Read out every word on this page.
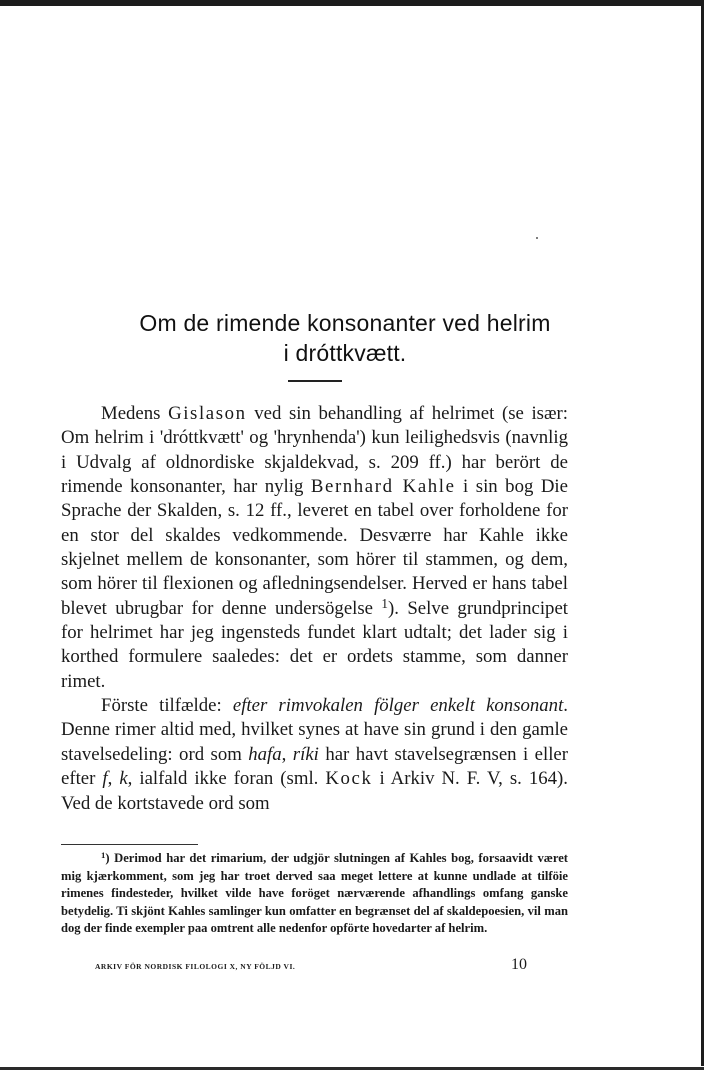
Om de rimende konsonanter ved helrim
i dróttkvætt.

Medens Gislason ved sin behandling af helrimet (se især: Om helrim i 'dróttkvætt' og 'hrynhenda') kun leilighedsvis (navnlig i Udvalg af oldnordiske skjaldekvad, s. 209 ff.) har berört de rimende konsonanter, har nylig Bernhard Kahle i sin bog Die Sprache der Skalden, s. 12 ff., leveret en tabel over forholdene for en stor del skaldes vedkommende. Desværre har Kahle ikke skjelnet mellem de konsonanter, som hörer til stammen, og dem, som hörer til flexionen og afledningsendelser. Herved er hans tabel blevet ubrugbar for denne undersögelse $^1$). Selve grundprincipet for helrimet har jeg ingensteds fundet klart udtalt; det lader sig i korthed formulere saaledes: det er ordets stamme, som danner rimet.

Förste tilfælde: efter rimvokalen fölger enkelt konsonant. Denne rimer altid med, hvilket synes at have sin grund i den gamle stavelsedeling: ord som hafa, ríki har havt stavelsegrænsen i eller efter f, k, ialfald ikke foran (sml. Kock i Arkiv N. F. V, s. 164). Ved de kortstavede ord som

$^1$) Derimod har det rimarium, der udgjör slutningen af Kahles bog, forsaavidt været mig kjærkomment, som jeg har troet derved saa meget lettere at kunne undlade at tilföie rimenes findesteder, hvilket vilde have foröget nærværende afhandlings omfang ganske betydelig. Ti skjönt Kahles samlinger kun omfatter en begrænset del af skaldepoesien, vil man dog der finde exempler paa omtrent alle nedenfor opförte hovedarter af helrim.

ARKIV FÖR NORDISK FILOLOGI X, NY FÖLJD VI.	10
